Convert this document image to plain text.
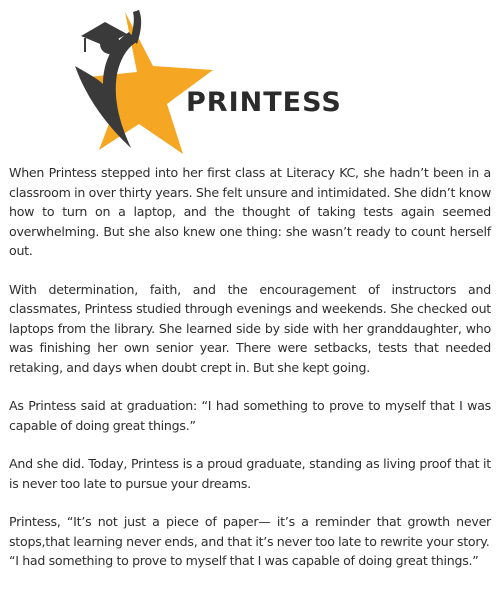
PRINTESS

When Printess stepped into her first class at Literacy KC, she hadn’t been in a classroom in over thirty years. She felt unsure and intimidated. She didn’t know how to turn on a laptop, and the thought of taking tests again seemed overwhelming. But she also knew one thing: she wasn’t ready to count herself out.

With determination, faith, and the encouragement of instructors and classmates, Printess studied through evenings and weekends. She checked out laptops from the library. She learned side by side with her granddaughter, who was finishing her own senior year. There were setbacks, tests that needed retaking, and days when doubt crept in. But she kept going.

As Printess said at graduation: “I had something to prove to myself that I was capable of doing great things.”

And she did. Today, Printess is a proud graduate, standing as living proof that it is never too late to pursue your dreams.

Printess, “It’s not just a piece of paper— it’s a reminder that growth never stops,that learning never ends, and that it’s never too late to rewrite your story.
“I had something to prove to myself that I was capable of doing great things.”
